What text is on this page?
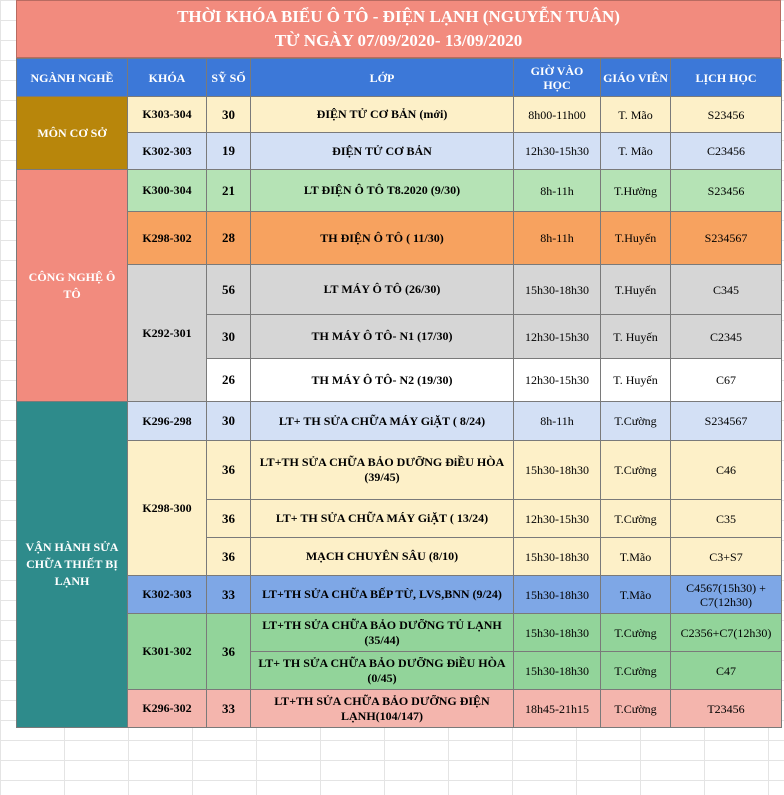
THỜI KHÓA BIỂU Ô TÔ - ĐIỆN LẠNH (NGUYỄN TUÂN)
TỪ NGÀY 07/09/2020- 13/09/2020
NGÀNH NGHỀ	KHÓA	SỸ SỐ	LỚP	GIỜ VÀO HỌC	GIÁO VIÊN	LỊCH HỌC
MÔN CƠ SỞ	K303-304	30	ĐIỆN TỬ CƠ BẢN (mới)	8h00-11h00	T. Mão	S23456
	K302-303	19	ĐIỆN TỬ CƠ BẢN	12h30-15h30	T. Mão	C23456
CÔNG NGHỆ Ô TÔ	K300-304	21	LT ĐIỆN Ô TÔ T8.2020 (9/30)	8h-11h	T.Hường	S23456
	K298-302	28	TH ĐIỆN Ô TÔ ( 11/30)	8h-11h	T.Huyến	S234567
	K292-301	56	LT MÁY Ô TÔ (26/30)	15h30-18h30	T.Huyến	C345
		30	TH MÁY Ô TÔ- N1 (17/30)	12h30-15h30	T. Huyến	C2345
		26	TH MÁY Ô TÔ- N2 (19/30)	12h30-15h30	T. Huyến	C67
VẬN HÀNH SỬA CHỮA THIẾT BỊ LẠNH	K296-298	30	LT+ TH SỬA CHỮA MÁY GiẶT ( 8/24)	8h-11h	T.Cường	S234567
	K298-300	36	LT+TH SỬA CHỮA BẢO DƯỠNG ĐiỀU HÒA (39/45)	15h30-18h30	T.Cường	C46
		36	LT+ TH SỬA CHỮA MÁY GiẶT ( 13/24)	12h30-15h30	T.Cường	C35
		36	MẠCH CHUYÊN SÂU (8/10)	15h30-18h30	T.Mão	C3+S7
	K302-303	33	LT+TH SỬA CHỮA BẾP TỪ, LVS,BNN (9/24)	15h30-18h30	T.Mão	C4567(15h30) + C7(12h30)
	K301-302	36	LT+TH SỬA CHỮA BẢO DƯỠNG TỦ LẠNH (35/44)	15h30-18h30	T.Cường	C2356+C7(12h30)
			LT+ TH SỬA CHỮA BẢO DƯỠNG ĐiỀU HÒA (0/45)	15h30-18h30	T.Cường	C47
	K296-302	33	LT+TH SỬA CHỮA BẢO DƯỠNG ĐIỆN LẠNH(104/147)	18h45-21h15	T.Cường	T23456
